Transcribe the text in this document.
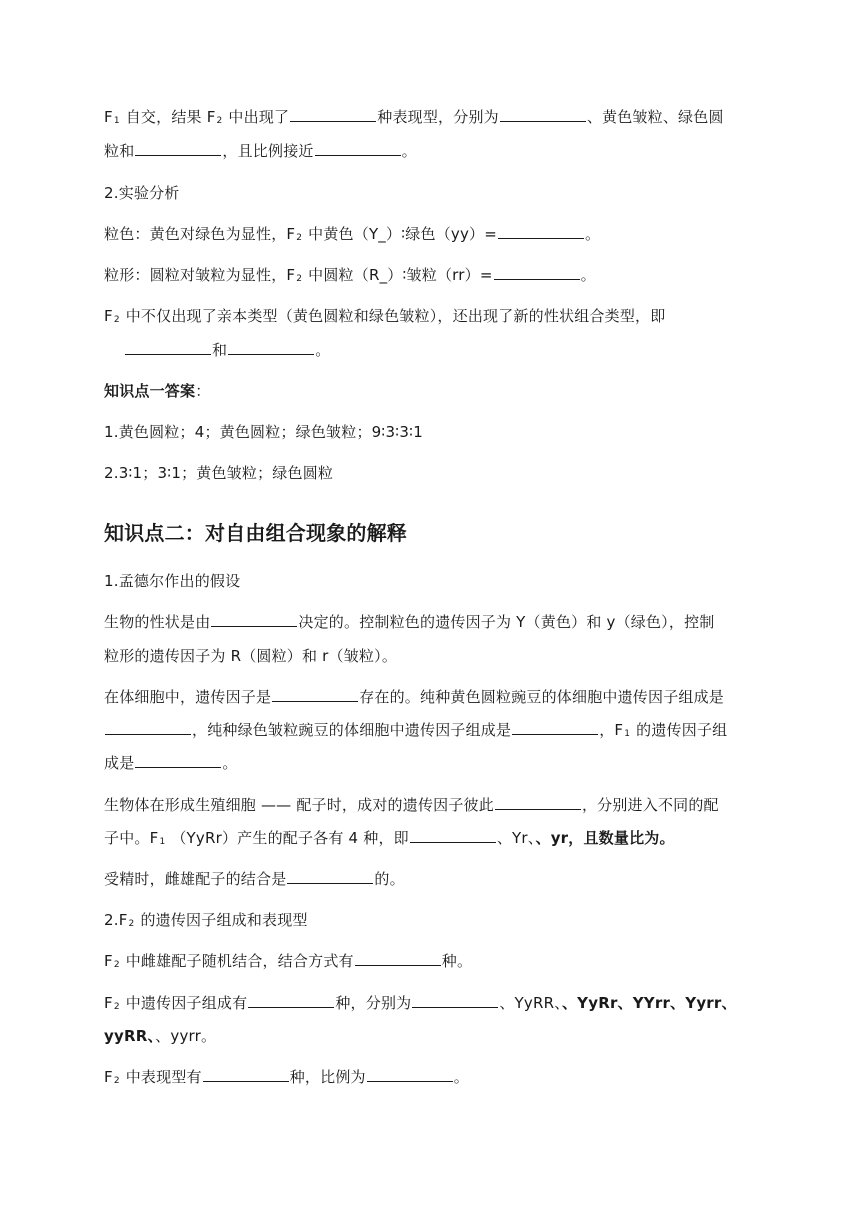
$F_1$ 自交，结果 $F_2$ 中出现了	种表现型，分别为	、黄色皱粒、绿色圆
粒和	，且比例接近	。
2.实验分析
粒色：黄色对绿色为显性，$F_2$ 中黄色（Y_）∶绿色（yy）=	。
粒形：圆粒对皱粒为显性，$F_2$ 中圆粒（R_）∶皱粒（rr）=	。
$F_2$ 中不仅出现了亲本类型（黄色圆粒和绿色皱粒），还出现了新的性状组合类型，即
和	。
知识点一答案：
1.黄色圆粒；4；黄色圆粒；绿色皱粒；9∶3∶3∶1
2.3∶1；3∶1；黄色皱粒；绿色圆粒
知识点二：对自由组合现象的解释
1.孟德尔作出的假设
生物的性状是由	决定的。控制粒色的遗传因子为 Y（黄色）和 y（绿色），控制
粒形的遗传因子为 R（圆粒）和 r（皱粒）。
在体细胞中，遗传因子是	存在的。纯种黄色圆粒豌豆的体细胞中遗传因子组成是
，纯种绿色皱粒豌豆的体细胞中遗传因子组成是	，$F_1$ 的遗传因子组
成是	。
生物体在形成生殖细胞 —— 配子时，成对的遗传因子彼此	，分别进入不同的配
子中。$F_1$ （YyRr）产生的配子各有 4 种，即	、Yr、、yr，且数量比为。
受精时，雌雄配子的结合是	的。
$2.F_2$ 的遗传因子组成和表现型
$F_2$ 中雌雄配子随机结合，结合方式有	种。
$F_2$ 中遗传因子组成有	种，分别为	、YyRR、、YyRr、YYrr、Yyrr、
yyRR、、yyrr。
$F_2$ 中表现型有	种，比例为	。
